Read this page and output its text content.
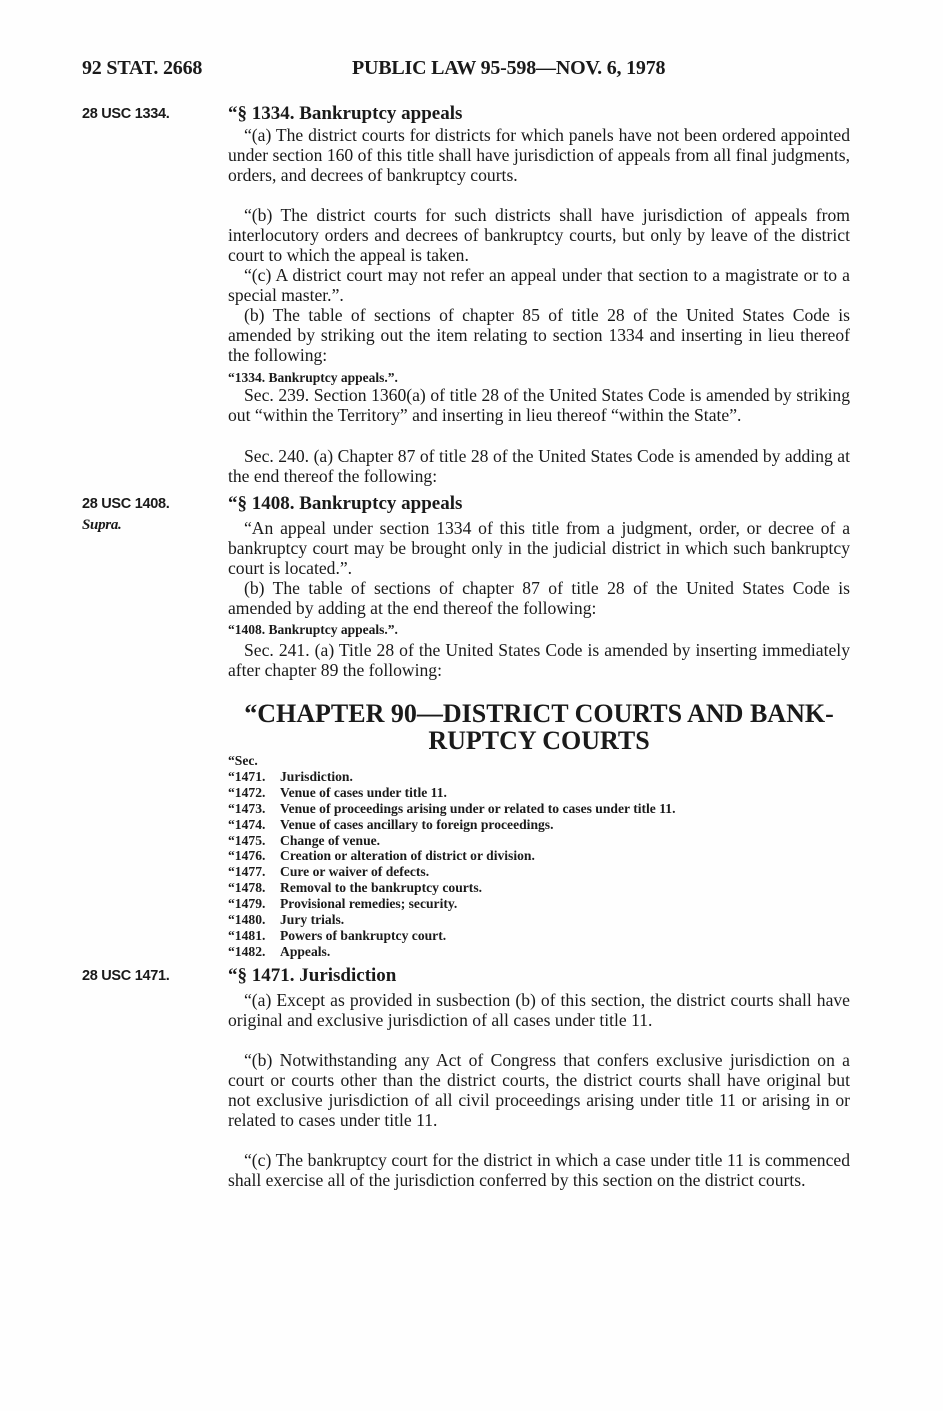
92 STAT. 2668	PUBLIC LAW 95-598—NOV. 6, 1978
28 USC 1334.	“§ 1334. Bankruptcy appeals
“(a) The district courts for districts for which panels have not been ordered appointed under section 160 of this title shall have jurisdiction of appeals from all final judgments, orders, and decrees of bankruptcy courts.
“(b) The district courts for such districts shall have jurisdiction of appeals from interlocutory orders and decrees of bankruptcy courts, but only by leave of the district court to which the appeal is taken.
“(c) A district court may not refer an appeal under that section to a magistrate or to a special master.”.
(b) The table of sections of chapter 85 of title 28 of the United States Code is amended by striking out the item relating to section 1334 and inserting in lieu thereof the following:
“1334. Bankruptcy appeals.”.
Sec. 239. Section 1360(a) of title 28 of the United States Code is amended by striking out “within the Territory” and inserting in lieu thereof “within the State”.
Sec. 240. (a) Chapter 87 of title 28 of the United States Code is amended by adding at the end thereof the following:
28 USC 1408.
Supra.
“§ 1408. Bankruptcy appeals
“An appeal under section 1334 of this title from a judgment, order, or decree of a bankruptcy court may be brought only in the judicial district in which such bankruptcy court is located.”.
(b) The table of sections of chapter 87 of title 28 of the United States Code is amended by adding at the end thereof the following:
“1408. Bankruptcy appeals.”.
Sec. 241. (a) Title 28 of the United States Code is amended by inserting immediately after chapter 89 the following:
“CHAPTER 90—DISTRICT COURTS AND BANK-
RUPTCY COURTS
“Sec.
“1471. Jurisdiction.
“1472. Venue of cases under title 11.
“1473. Venue of proceedings arising under or related to cases under title 11.
“1474. Venue of cases ancillary to foreign proceedings.
“1475. Change of venue.
“1476. Creation or alteration of district or division.
“1477. Cure or waiver of defects.
“1478. Removal to the bankruptcy courts.
“1479. Provisional remedies; security.
“1480. Jury trials.
“1481. Powers of bankruptcy court.
“1482. Appeals.
28 USC 1471.	“§ 1471. Jurisdiction
“(a) Except as provided in susbection (b) of this section, the district courts shall have original and exclusive jurisdiction of all cases under title 11.
“(b) Notwithstanding any Act of Congress that confers exclusive jurisdiction on a court or courts other than the district courts, the district courts shall have original but not exclusive jurisdiction of all civil proceedings arising under title 11 or arising in or related to cases under title 11.
“(c) The bankruptcy court for the district in which a case under title 11 is commenced shall exercise all of the jurisdiction conferred by this section on the district courts.
